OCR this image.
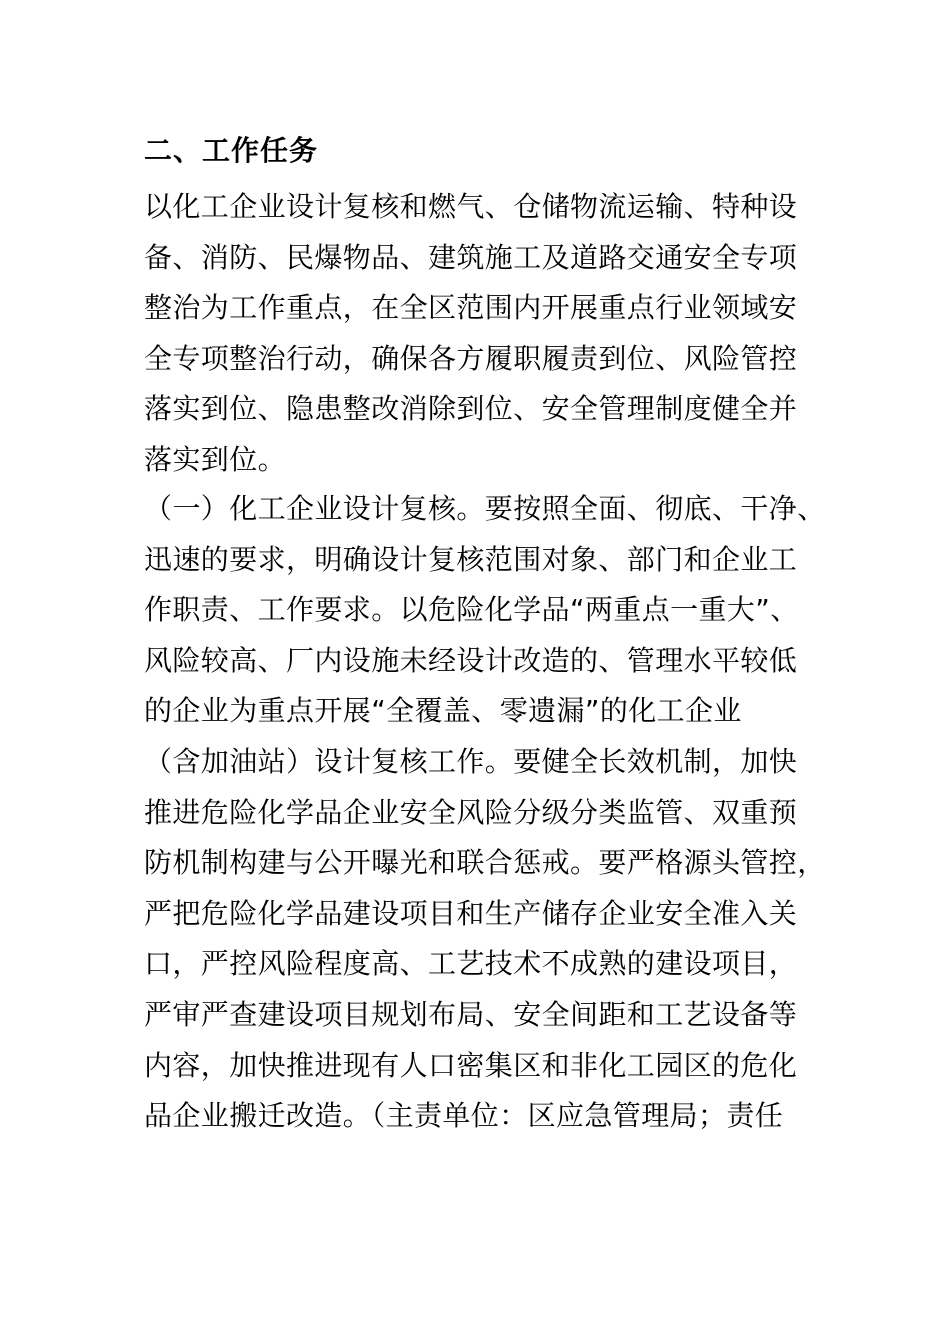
二、工作任务
以化工企业设计复核和燃气、仓储物流运输、特种设
备、消防、民爆物品、建筑施工及道路交通安全专项
整治为工作重点，在全区范围内开展重点行业领域安
全专项整治行动，确保各方履职履责到位、风险管控
落实到位、隐患整改消除到位、安全管理制度健全并
落实到位。
（一）化工企业设计复核。要按照全面、彻底、干净、
迅速的要求，明确设计复核范围对象、部门和企业工
作职责、工作要求。以危险化学品“两重点一重大”、
风险较高、厂内设施未经设计改造的、管理水平较低
的企业为重点开展“全覆盖、零遗漏”的化工企业
（含加油站）设计复核工作。要健全长效机制，加快
推进危险化学品企业安全风险分级分类监管、双重预
防机制构建与公开曝光和联合惩戒。要严格源头管控，
严把危险化学品建设项目和生产储存企业安全准入关
口，严控风险程度高、工艺技术不成熟的建设项目，
严审严查建设项目规划布局、安全间距和工艺设备等
内容，加快推进现有人口密集区和非化工园区的危化
品企业搬迁改造。（主责单位：区应急管理局；责任
